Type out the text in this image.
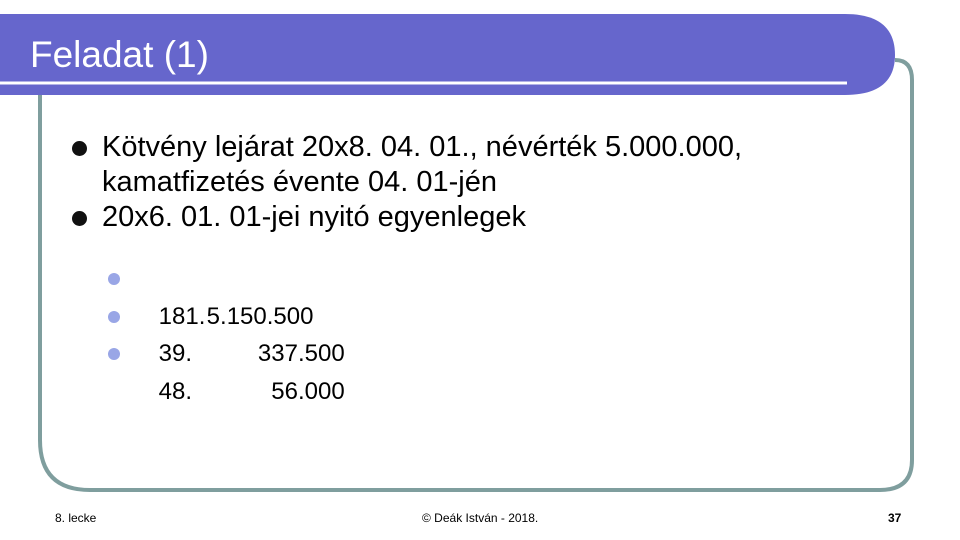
Feladat (1)
Kötvény lejárat 20x8. 04. 01., névérték 5.000.000,
kamatfizetés évente 04. 01-jén
20x6. 01. 01-jei nyitó egyenlegek

181.5.150.500

39.	337.500

48.	56.000

8. lecke	© Deák István - 2018.	37
